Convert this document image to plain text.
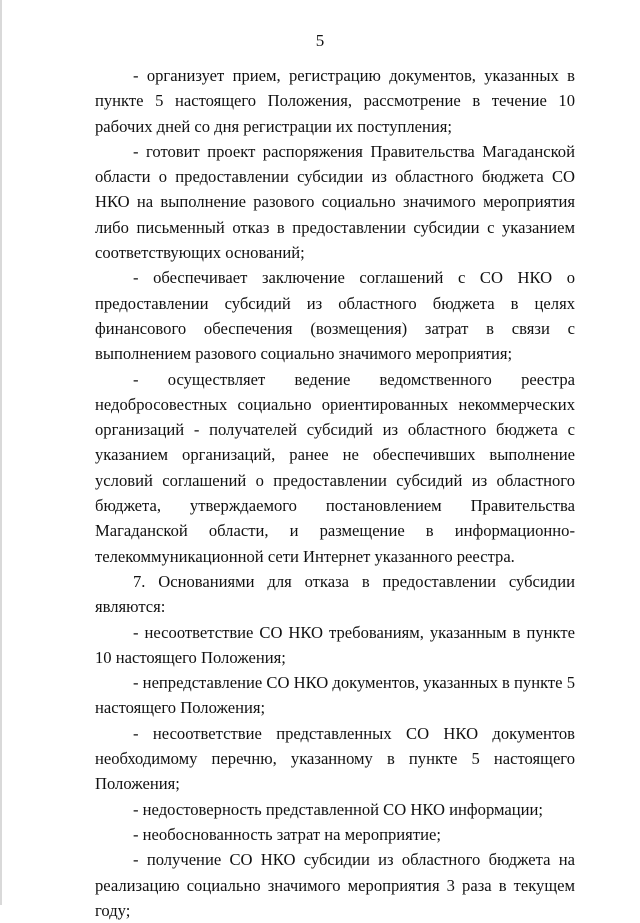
5

- организует прием, регистрацию документов, указанных в пункте 5 настоящего Положения, рассмотрение в течение 10 рабочих дней со дня регистрации их поступления;

- готовит проект распоряжения Правительства Магаданской области о предоставлении субсидии из областного бюджета СО НКО на выполнение разового социально значимого мероприятия либо письменный отказ в предоставлении субсидии с указанием соответствующих оснований;

- обеспечивает заключение соглашений с СО НКО о предоставлении субсидий из областного бюджета в целях финансового обеспечения (возмещения) затрат в связи с выполнением разового социально значимого мероприятия;

- осуществляет ведение ведомственного реестра недобросовестных социально ориентированных некоммерческих организаций - получателей субсидий из областного бюджета с указанием организаций, ранее не обеспечивших выполнение условий соглашений о предоставлении субсидий из областного бюджета, утверждаемого постановлением Правительства Магаданской области, и размещение в информационно-телекоммуникационной сети Интернет указанного реестра.

7. Основаниями для отказа в предоставлении субсидии являются:

- несоответствие СО НКО требованиям, указанным в пункте 10 настоящего Положения;

- непредставление СО НКО документов, указанных в пункте 5 настоящего Положения;

- несоответствие представленных СО НКО документов необходимому перечню, указанному в пункте 5 настоящего Положения;

- недостоверность представленной СО НКО информации;

- необоснованность затрат на мероприятие;

- получение СО НКО субсидии из областного бюджета на реализацию социально значимого мероприятия 3 раза в текущем году;
